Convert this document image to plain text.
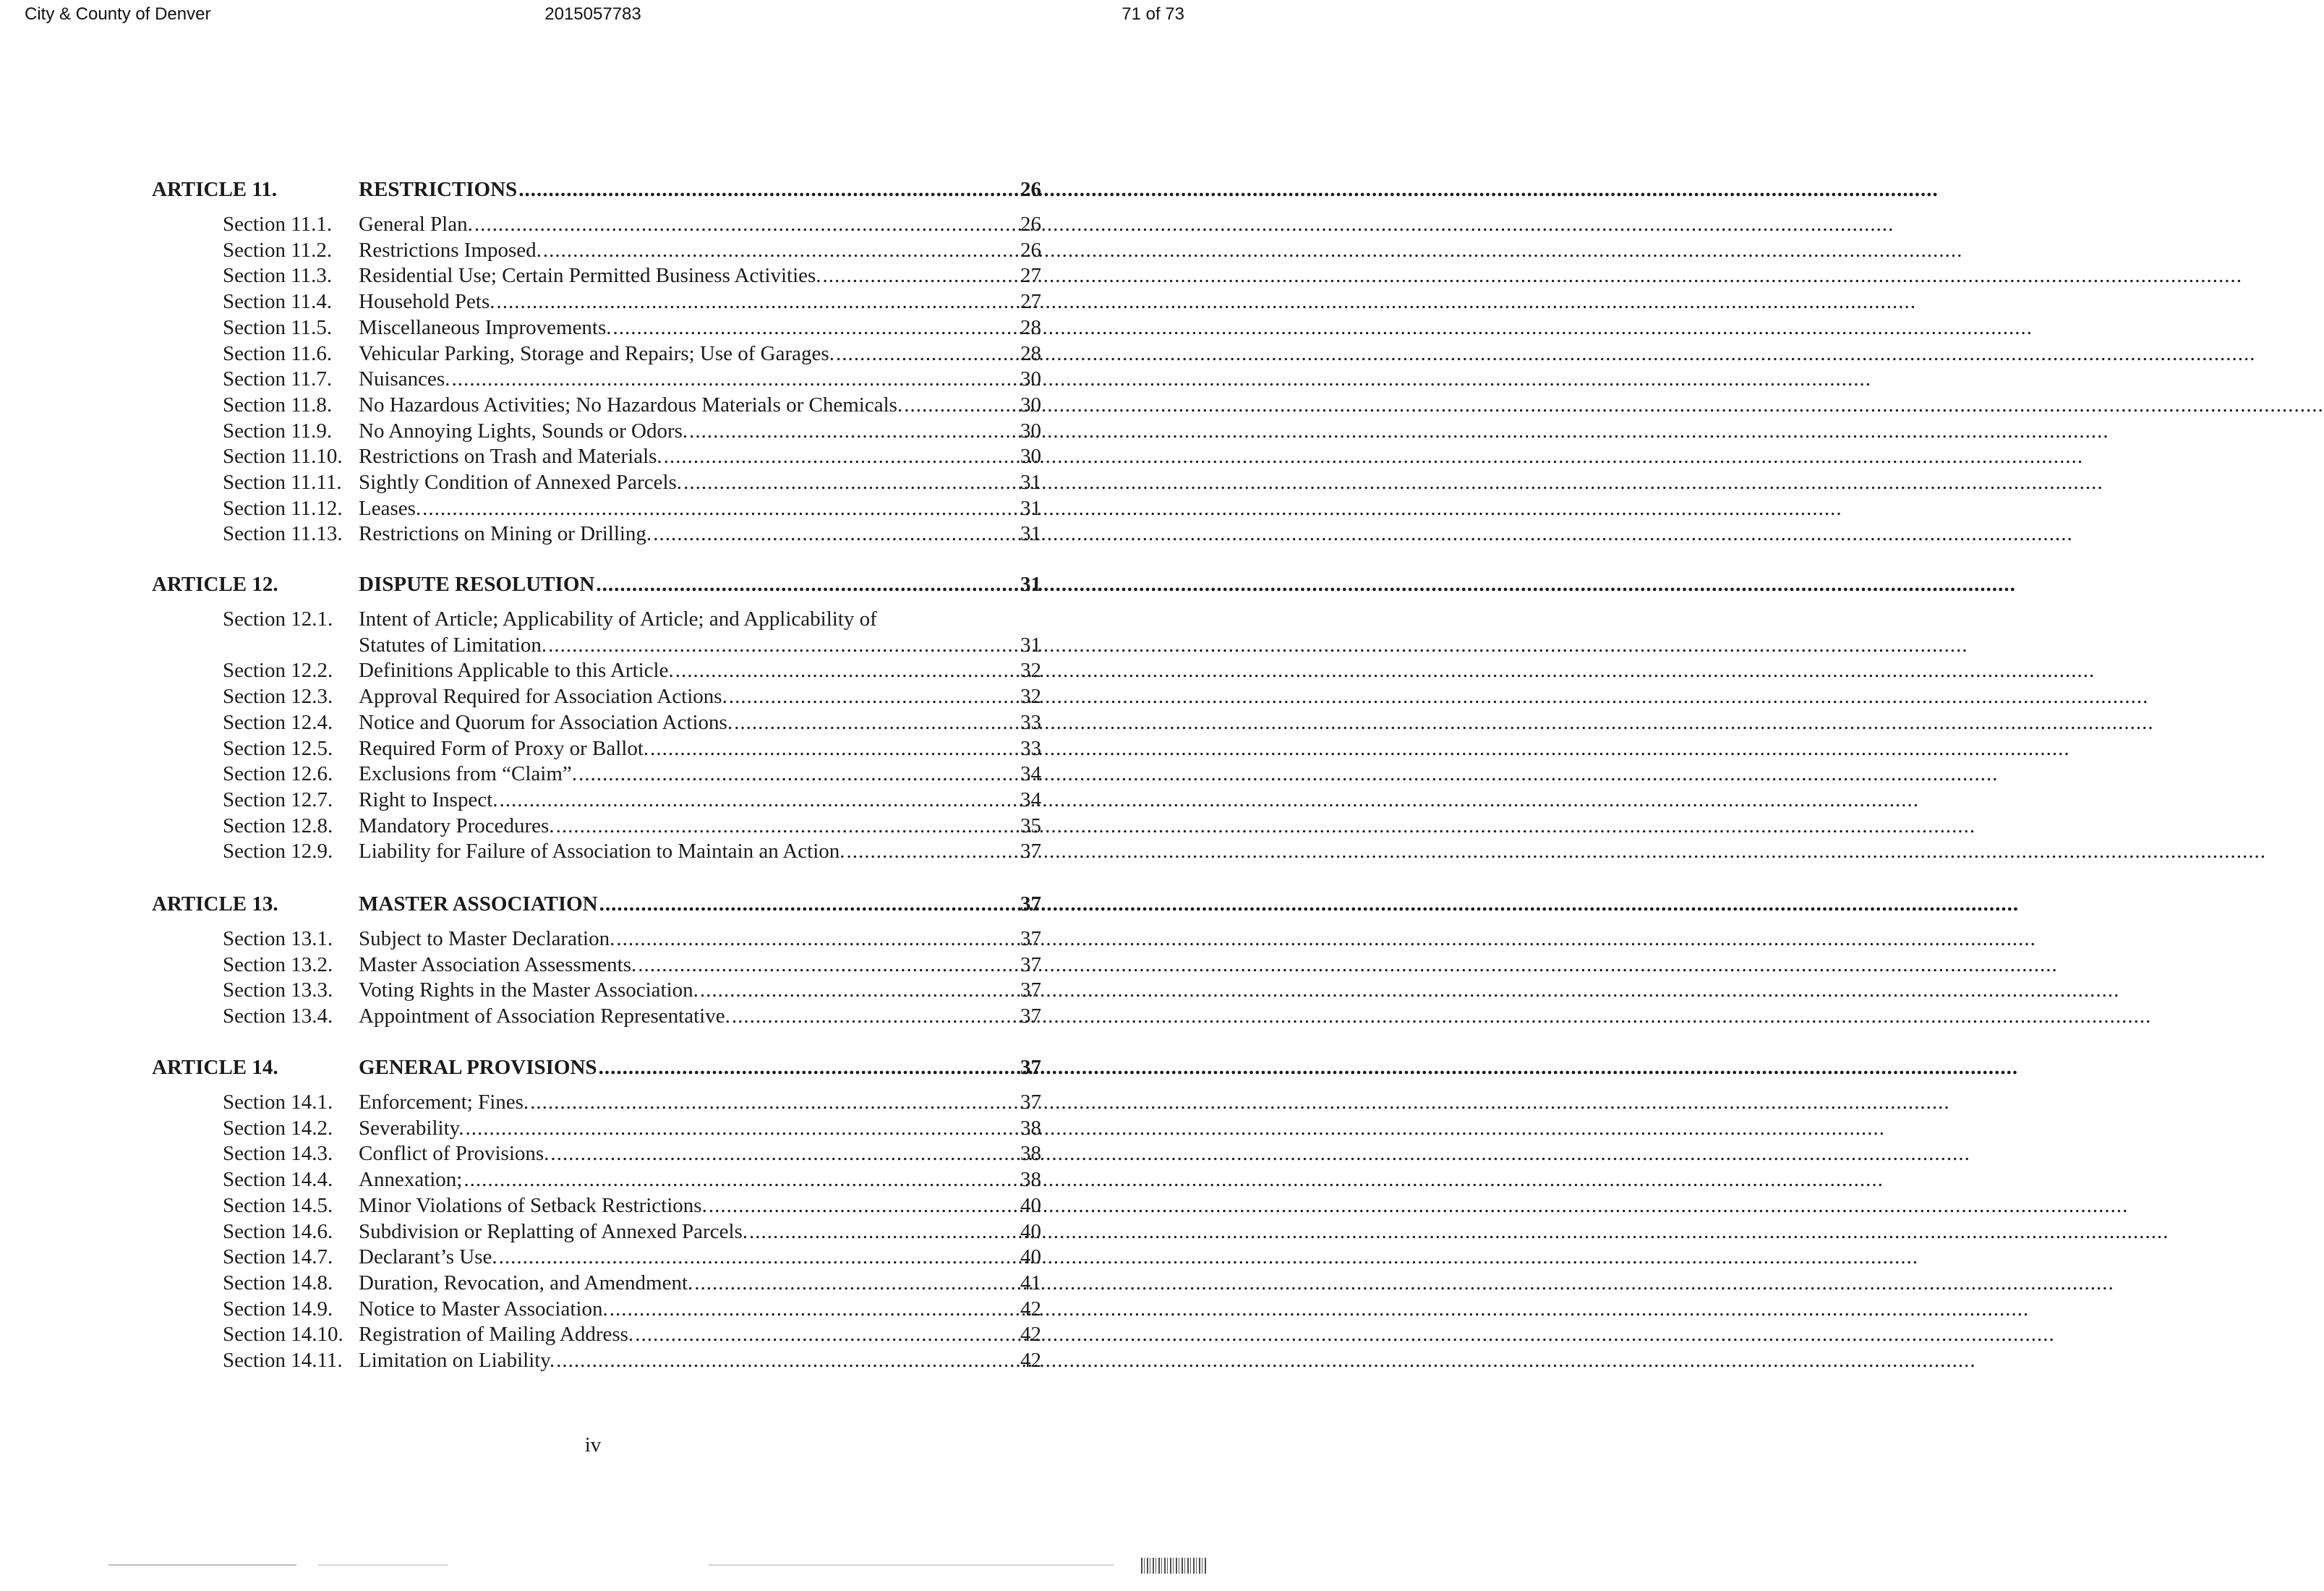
City & County of Denver	2015057783	71 of 73
ARTICLE 11.	RESTRICTIONS .....	26
Section 11.1. General Plan. .....	26
Section 11.2. Restrictions Imposed. .....	26
Section 11.3. Residential Use; Certain Permitted Business Activities. .....	27
Section 11.4. Household Pets. .....	27
Section 11.5. Miscellaneous Improvements. .....	28
Section 11.6. Vehicular Parking, Storage and Repairs; Use of Garages. .....	28
Section 11.7. Nuisances. .....	30
Section 11.8. No Hazardous Activities; No Hazardous Materials or Chemicals. .....	30
Section 11.9. No Annoying Lights, Sounds or Odors. .....	30
Section 11.10. Restrictions on Trash and Materials. .....	30
Section 11.11. Sightly Condition of Annexed Parcels. .....	31
Section 11.12. Leases. .....	31
Section 11.13. Restrictions on Mining or Drilling. .....	31
ARTICLE 12.	DISPUTE RESOLUTION .....	31
Section 12.1. Intent of Article; Applicability of Article; and Applicability of
Statutes of Limitation. .....	31
Section 12.2. Definitions Applicable to this Article. .....	32
Section 12.3. Approval Required for Association Actions. .....	32
Section 12.4. Notice and Quorum for Association Actions. .....	33
Section 12.5. Required Form of Proxy or Ballot. .....	33
Section 12.6. Exclusions from “Claim”. .....	34
Section 12.7. Right to Inspect. .....	34
Section 12.8. Mandatory Procedures. .....	35
Section 12.9. Liability for Failure of Association to Maintain an Action. .....	37
ARTICLE 13.	MASTER ASSOCIATION .....	37
Section 13.1. Subject to Master Declaration. .....	37
Section 13.2. Master Association Assessments. .....	37
Section 13.3. Voting Rights in the Master Association. .....	37
Section 13.4. Appointment of Association Representative. .....	37
ARTICLE 14.	GENERAL PROVISIONS .....	37
Section 14.1. Enforcement; Fines. .....	37
Section 14.2. Severability. .....	38
Section 14.3. Conflict of Provisions. .....	38
Section 14.4. Annexation; .....	38
Section 14.5. Minor Violations of Setback Restrictions. .....	40
Section 14.6. Subdivision or Replatting of Annexed Parcels. .....	40
Section 14.7. Declarant’s Use. .....	40
Section 14.8. Duration, Revocation, and Amendment. .....	41
Section 14.9. Notice to Master Association. .....	42
Section 14.10. Registration of Mailing Address. .....	42
Section 14.11. Limitation on Liability. .....	42
iv
